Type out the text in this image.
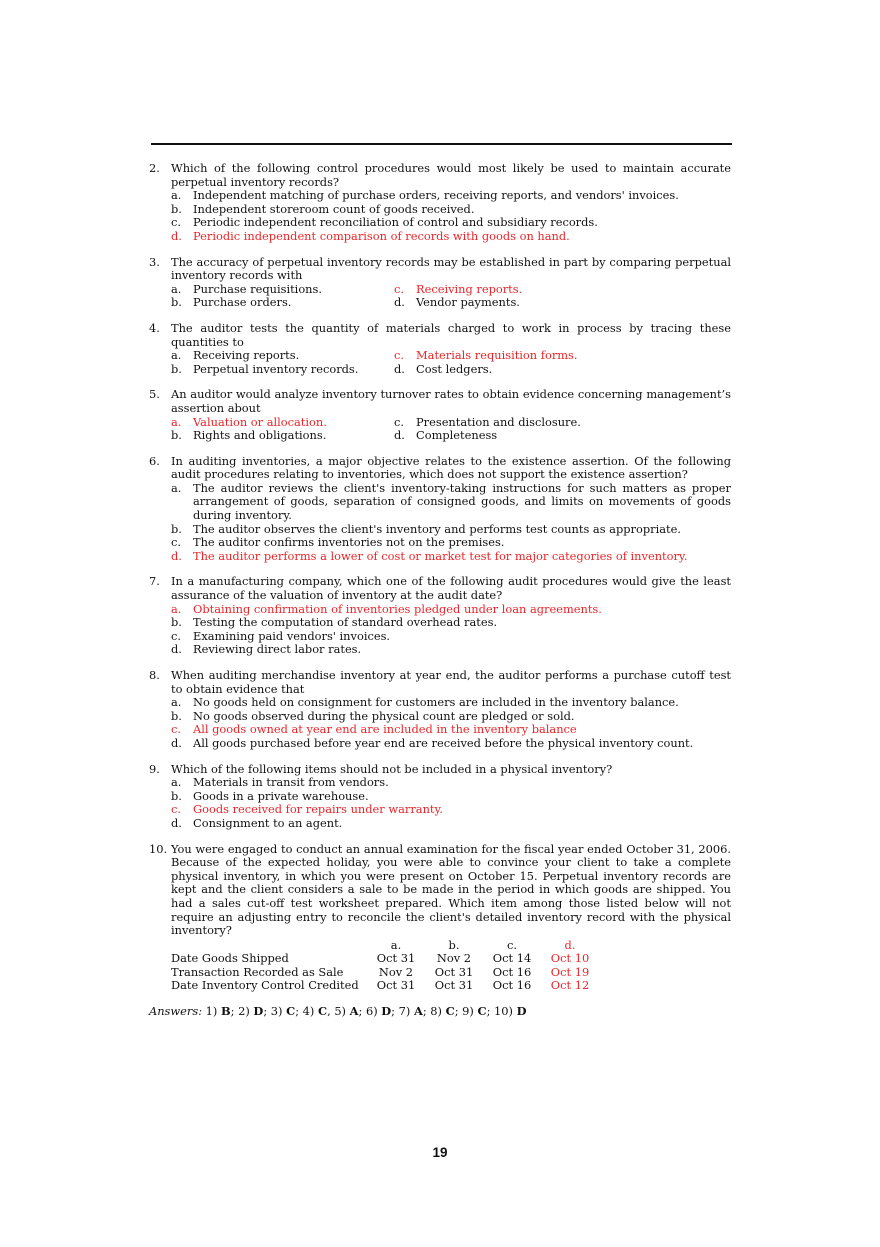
2. Which of the following control procedures would most likely be used to maintain accurate perpetual inventory records?
a.	Independent matching of purchase orders, receiving reports, and vendors' invoices.
b. Independent storeroom count of goods received.
c.	Periodic independent reconciliation of control and subsidiary records.
d. Periodic independent comparison of records with goods on hand.
3. The accuracy of perpetual inventory records may be established in part by comparing perpetual inventory records with
a.	Purchase requisitions.	c.	Receiving reports.
b. Purchase orders.	d. Vendor payments.
4. The auditor tests the quantity of materials charged to work in process by tracing these quantities to
a.	Receiving reports.	c.	Materials requisition forms.
b. Perpetual inventory records.	d. Cost ledgers.
5. An auditor would analyze inventory turnover rates to obtain evidence concerning management’s assertion about
a.	Valuation or allocation.	c.	Presentation and disclosure.
b. Rights and obligations.	d. Completeness
6. In auditing inventories, a major objective relates to the existence assertion. Of the following audit procedures relating to inventories, which does not support the existence assertion?
a.	The auditor reviews the client's inventory-taking instructions for such matters as proper arrangement of goods, separation of consigned goods, and limits on movements of goods during inventory.
b. The auditor observes the client's inventory and performs test counts as appropriate.
c.	The auditor confirms inventories not on the premises.
d. The auditor performs a lower of cost or market test for major categories of inventory.
7. In a manufacturing company, which one of the following audit procedures would give the least assurance of the valuation of inventory at the audit date?
a.	Obtaining confirmation of inventories pledged under loan agreements.
b. Testing the computation of standard overhead rates.
c.	Examining paid vendors' invoices.
d. Reviewing direct labor rates.
8. When auditing merchandise inventory at year end, the auditor performs a purchase cutoff test to obtain evidence that
a.	No goods held on consignment for customers are included in the inventory balance.
b. No goods observed during the physical count are pledged or sold.
c.	All goods owned at year end are included in the inventory balance
d. All goods purchased before year end are received before the physical inventory count.
9. Which of the following items should not be included in a physical inventory?
a.	Materials in transit from vendors.
b. Goods in a private warehouse.
c.	Goods received for repairs under warranty.
d. Consignment to an agent.
10. You were engaged to conduct an annual examination for the fiscal year ended October 31, 2006. Because of the expected holiday, you were able to convince your client to take a complete physical inventory, in which you were present on October 15. Perpetual inventory records are kept and the client considers a sale to be made in the period in which goods are shipped. You had a sales cut-off test worksheet prepared. Which item among those listed below will not require an adjusting entry to reconcile the client's detailed inventory record with the physical inventory?
	a.	b.	c.	d.
Date Goods Shipped	Oct 31	Nov 2	Oct 14	Oct 10
Transaction Recorded as Sale	Nov 2	Oct 31	Oct 16	Oct 19
Date Inventory Control Credited	Oct 31	Oct 31	Oct 16	Oct 12
Answers: 1) B; 2) D; 3) C; 4) C, 5) A; 6) D; 7) A; 8) C; 9) C; 10) D
19
